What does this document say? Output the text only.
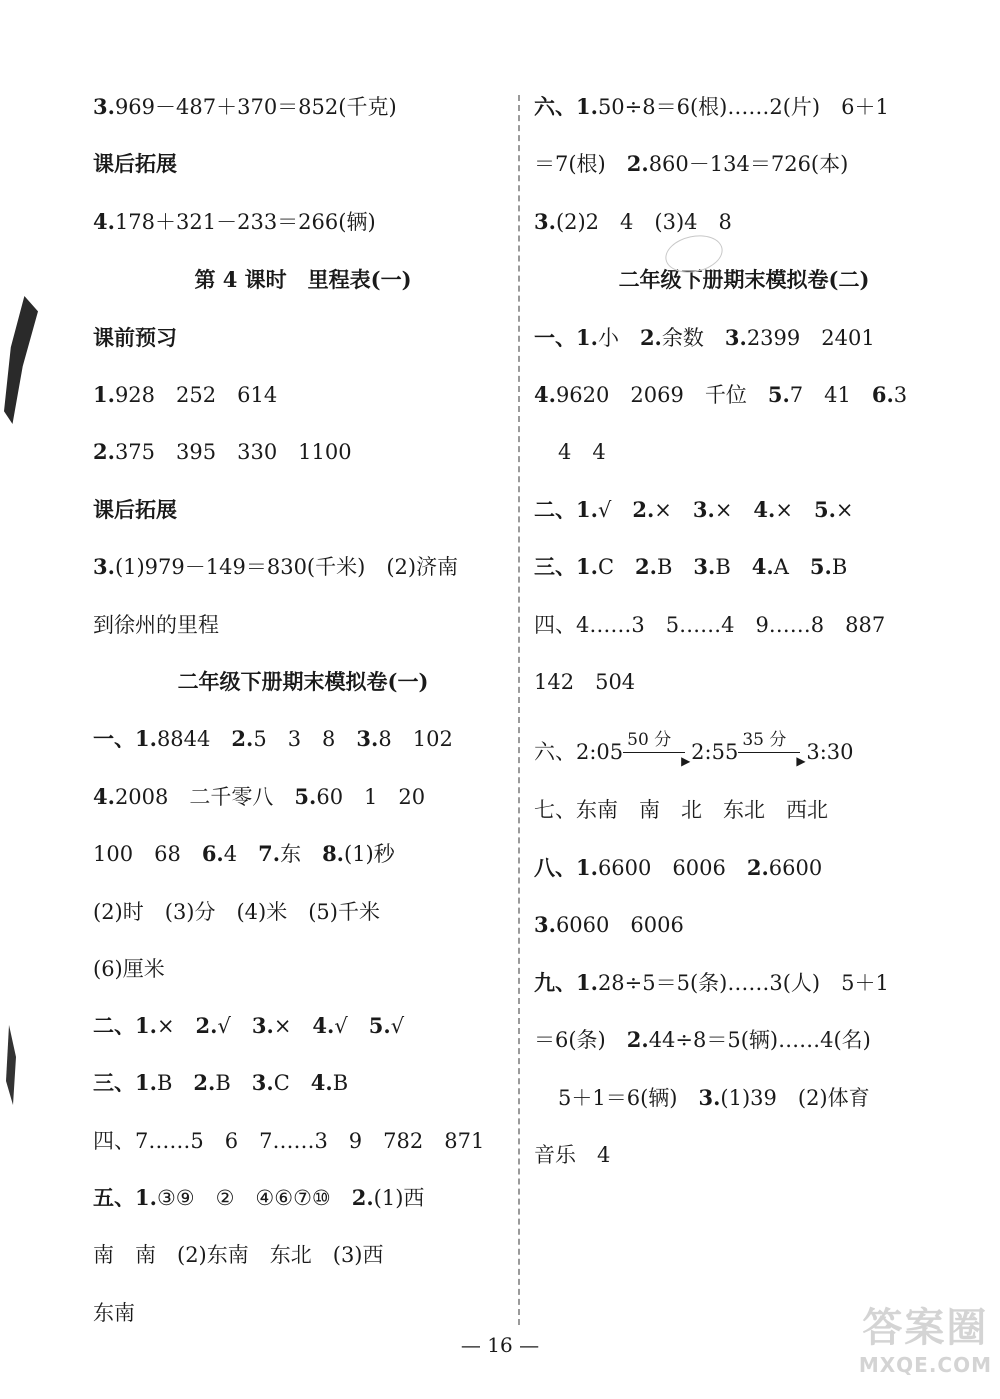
3.969－487＋370＝852(千克)
课后拓展
4.178＋321－233＝266(辆)
第 4 课时　里程表(一)
课前预习
1.928　252　614
2.375　395　330　1100
课后拓展
3.(1)979－149＝830(千米)　(2)济南
到徐州的里程
二年级下册期末模拟卷(一)
一、1.8844　2.5　3　8　3.8　102
4.2008　二千零八　5.60　1　20
100　68　6.4　7.东　8.(1)秒
(2)时　(3)分　(4)米　(5)千米
(6)厘米
二、1.×　2.√　3.×　4.√　5.√
三、1.B　2.B　3.C　4.B
四、7……5　6　7……3　9　782　871
五、1.③⑨　②　④⑥⑦⑩　2.(1)西
南　南　(2)东南　东北　(3)西
东南
六、1.50÷8＝6(根)……2(片)　6＋1
＝7(根)　2.860－134＝726(本)
3.(2)2　4　(3)4　8
二年级下册期末模拟卷(二)
一、1.小　2.余数　3.2399　2401
4.9620　2069　千位　5.7　41　6.3
4　4
二、1.√　2.×　3.×　4.×　5.×
三、1.C　2.B　3.B　4.A　5.B
四、4……3　5……4　9……8　887
142　504
六、2:05 50 分
▶ 2:55 35 分
▶ 3:30
七、东南　南　北　东北　西北
八、1.6600　6006　2.6600
3.6060　6006
九、1.28÷5＝5(条)……3(人)　5＋1
＝6(条)　2.44÷8＝5(辆)……4(名)
5＋1＝6(辆)　3.(1)39　(2)体育
音乐　4
— 16 —	答案圈
MXQE.COM
